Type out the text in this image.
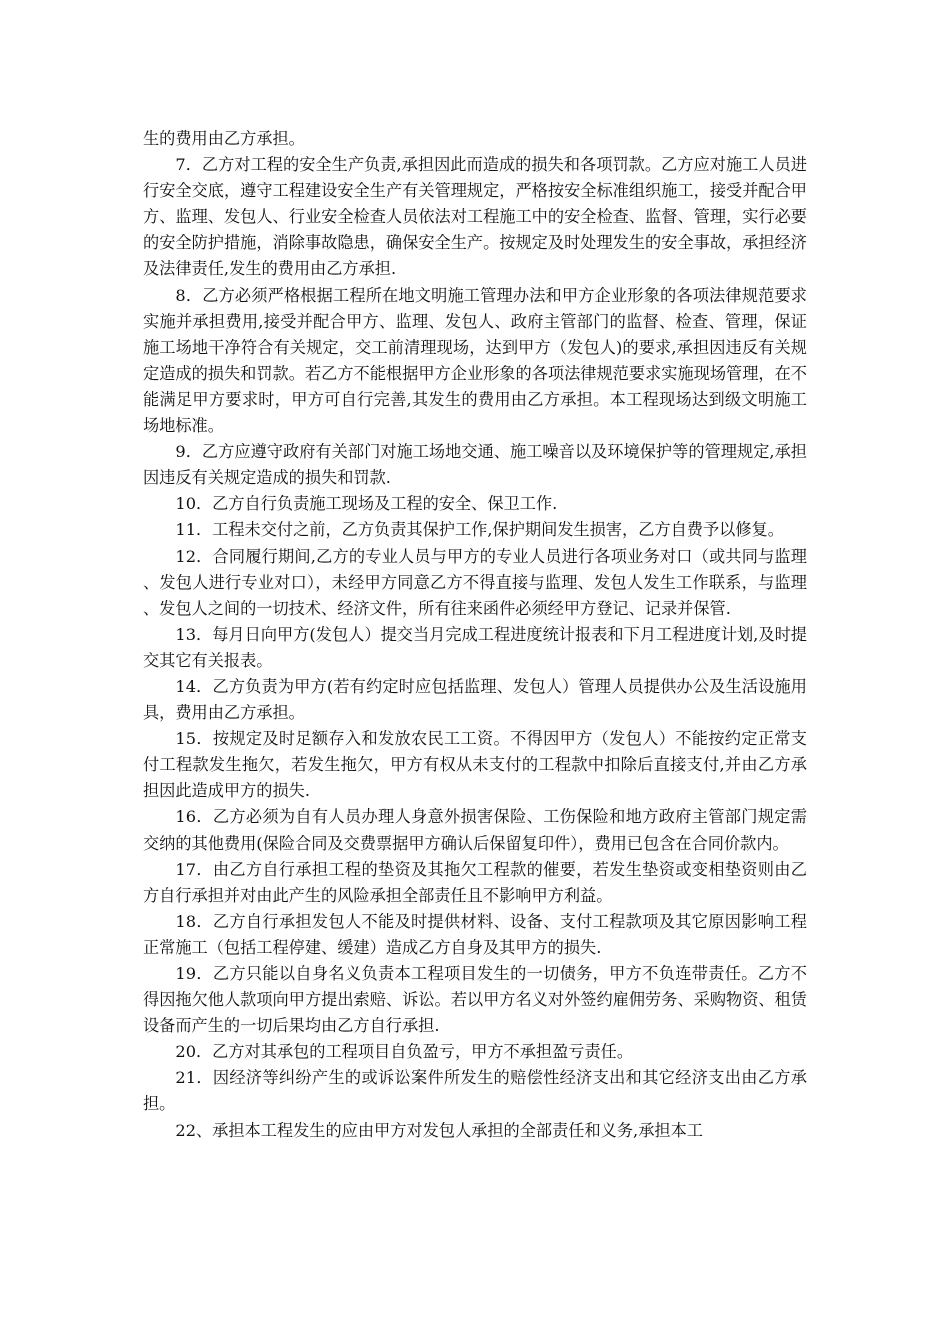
生的费用由乙方承担。

7．乙方对工程的安全生产负责,承担因此而造成的损失和各项罚款。乙方应对施工人员进行安全交底，遵守工程建设安全生产有关管理规定，严格按安全标准组织施工，接受并配合甲方、监理、发包人、行业安全检查人员依法对工程施工中的安全检查、监督、管理，实行必要的安全防护措施，消除事故隐患，确保安全生产。按规定及时处理发生的安全事故，承担经济及法律责任,发生的费用由乙方承担.

8．乙方必须严格根据工程所在地文明施工管理办法和甲方企业形象的各项法律规范要求实施并承担费用,接受并配合甲方、监理、发包人、政府主管部门的监督、检查、管理，保证施工场地干净符合有关规定，交工前清理现场，达到甲方（发包人)的要求,承担因违反有关规定造成的损失和罚款。若乙方不能根据甲方企业形象的各项法律规范要求实施现场管理，在不能满足甲方要求时，甲方可自行完善,其发生的费用由乙方承担。本工程现场达到级文明施工场地标准。

9．乙方应遵守政府有关部门对施工场地交通、施工噪音以及环境保护等的管理规定,承担因违反有关规定造成的损失和罚款.

10．乙方自行负责施工现场及工程的安全、保卫工作.

11．工程未交付之前，乙方负责其保护工作,保护期间发生损害，乙方自费予以修复。

12．合同履行期间,乙方的专业人员与甲方的专业人员进行各项业务对口（或共同与监理、发包人进行专业对口），未经甲方同意乙方不得直接与监理、发包人发生工作联系，与监理、发包人之间的一切技术、经济文件，所有往来函件必须经甲方登记、记录并保管.

13．每月日向甲方(发包人）提交当月完成工程进度统计报表和下月工程进度计划,及时提交其它有关报表。

14．乙方负责为甲方(若有约定时应包括监理、发包人）管理人员提供办公及生活设施用具，费用由乙方承担。

15．按规定及时足额存入和发放农民工工资。不得因甲方（发包人）不能按约定正常支付工程款发生拖欠，若发生拖欠，甲方有权从未支付的工程款中扣除后直接支付,并由乙方承担因此造成甲方的损失.

16．乙方必须为自有人员办理人身意外损害保险、工伤保险和地方政府主管部门规定需交纳的其他费用(保险合同及交费票据甲方确认后保留复印件），费用已包含在合同价款内。

17．由乙方自行承担工程的垫资及其拖欠工程款的催要，若发生垫资或变相垫资则由乙方自行承担并对由此产生的风险承担全部责任且不影响甲方利益。

18．乙方自行承担发包人不能及时提供材料、设备、支付工程款项及其它原因影响工程正常施工（包括工程停建、缓建）造成乙方自身及其甲方的损失.

19．乙方只能以自身名义负责本工程项目发生的一切债务，甲方不负连带责任。乙方不得因拖欠他人款项向甲方提出索赔、诉讼。若以甲方名义对外签约雇佣劳务、采购物资、租赁设备而产生的一切后果均由乙方自行承担.

20．乙方对其承包的工程项目自负盈亏，甲方不承担盈亏责任。

21．因经济等纠纷产生的或诉讼案件所发生的赔偿性经济支出和其它经济支出由乙方承担。

22、承担本工程发生的应由甲方对发包人承担的全部责任和义务,承担本工
